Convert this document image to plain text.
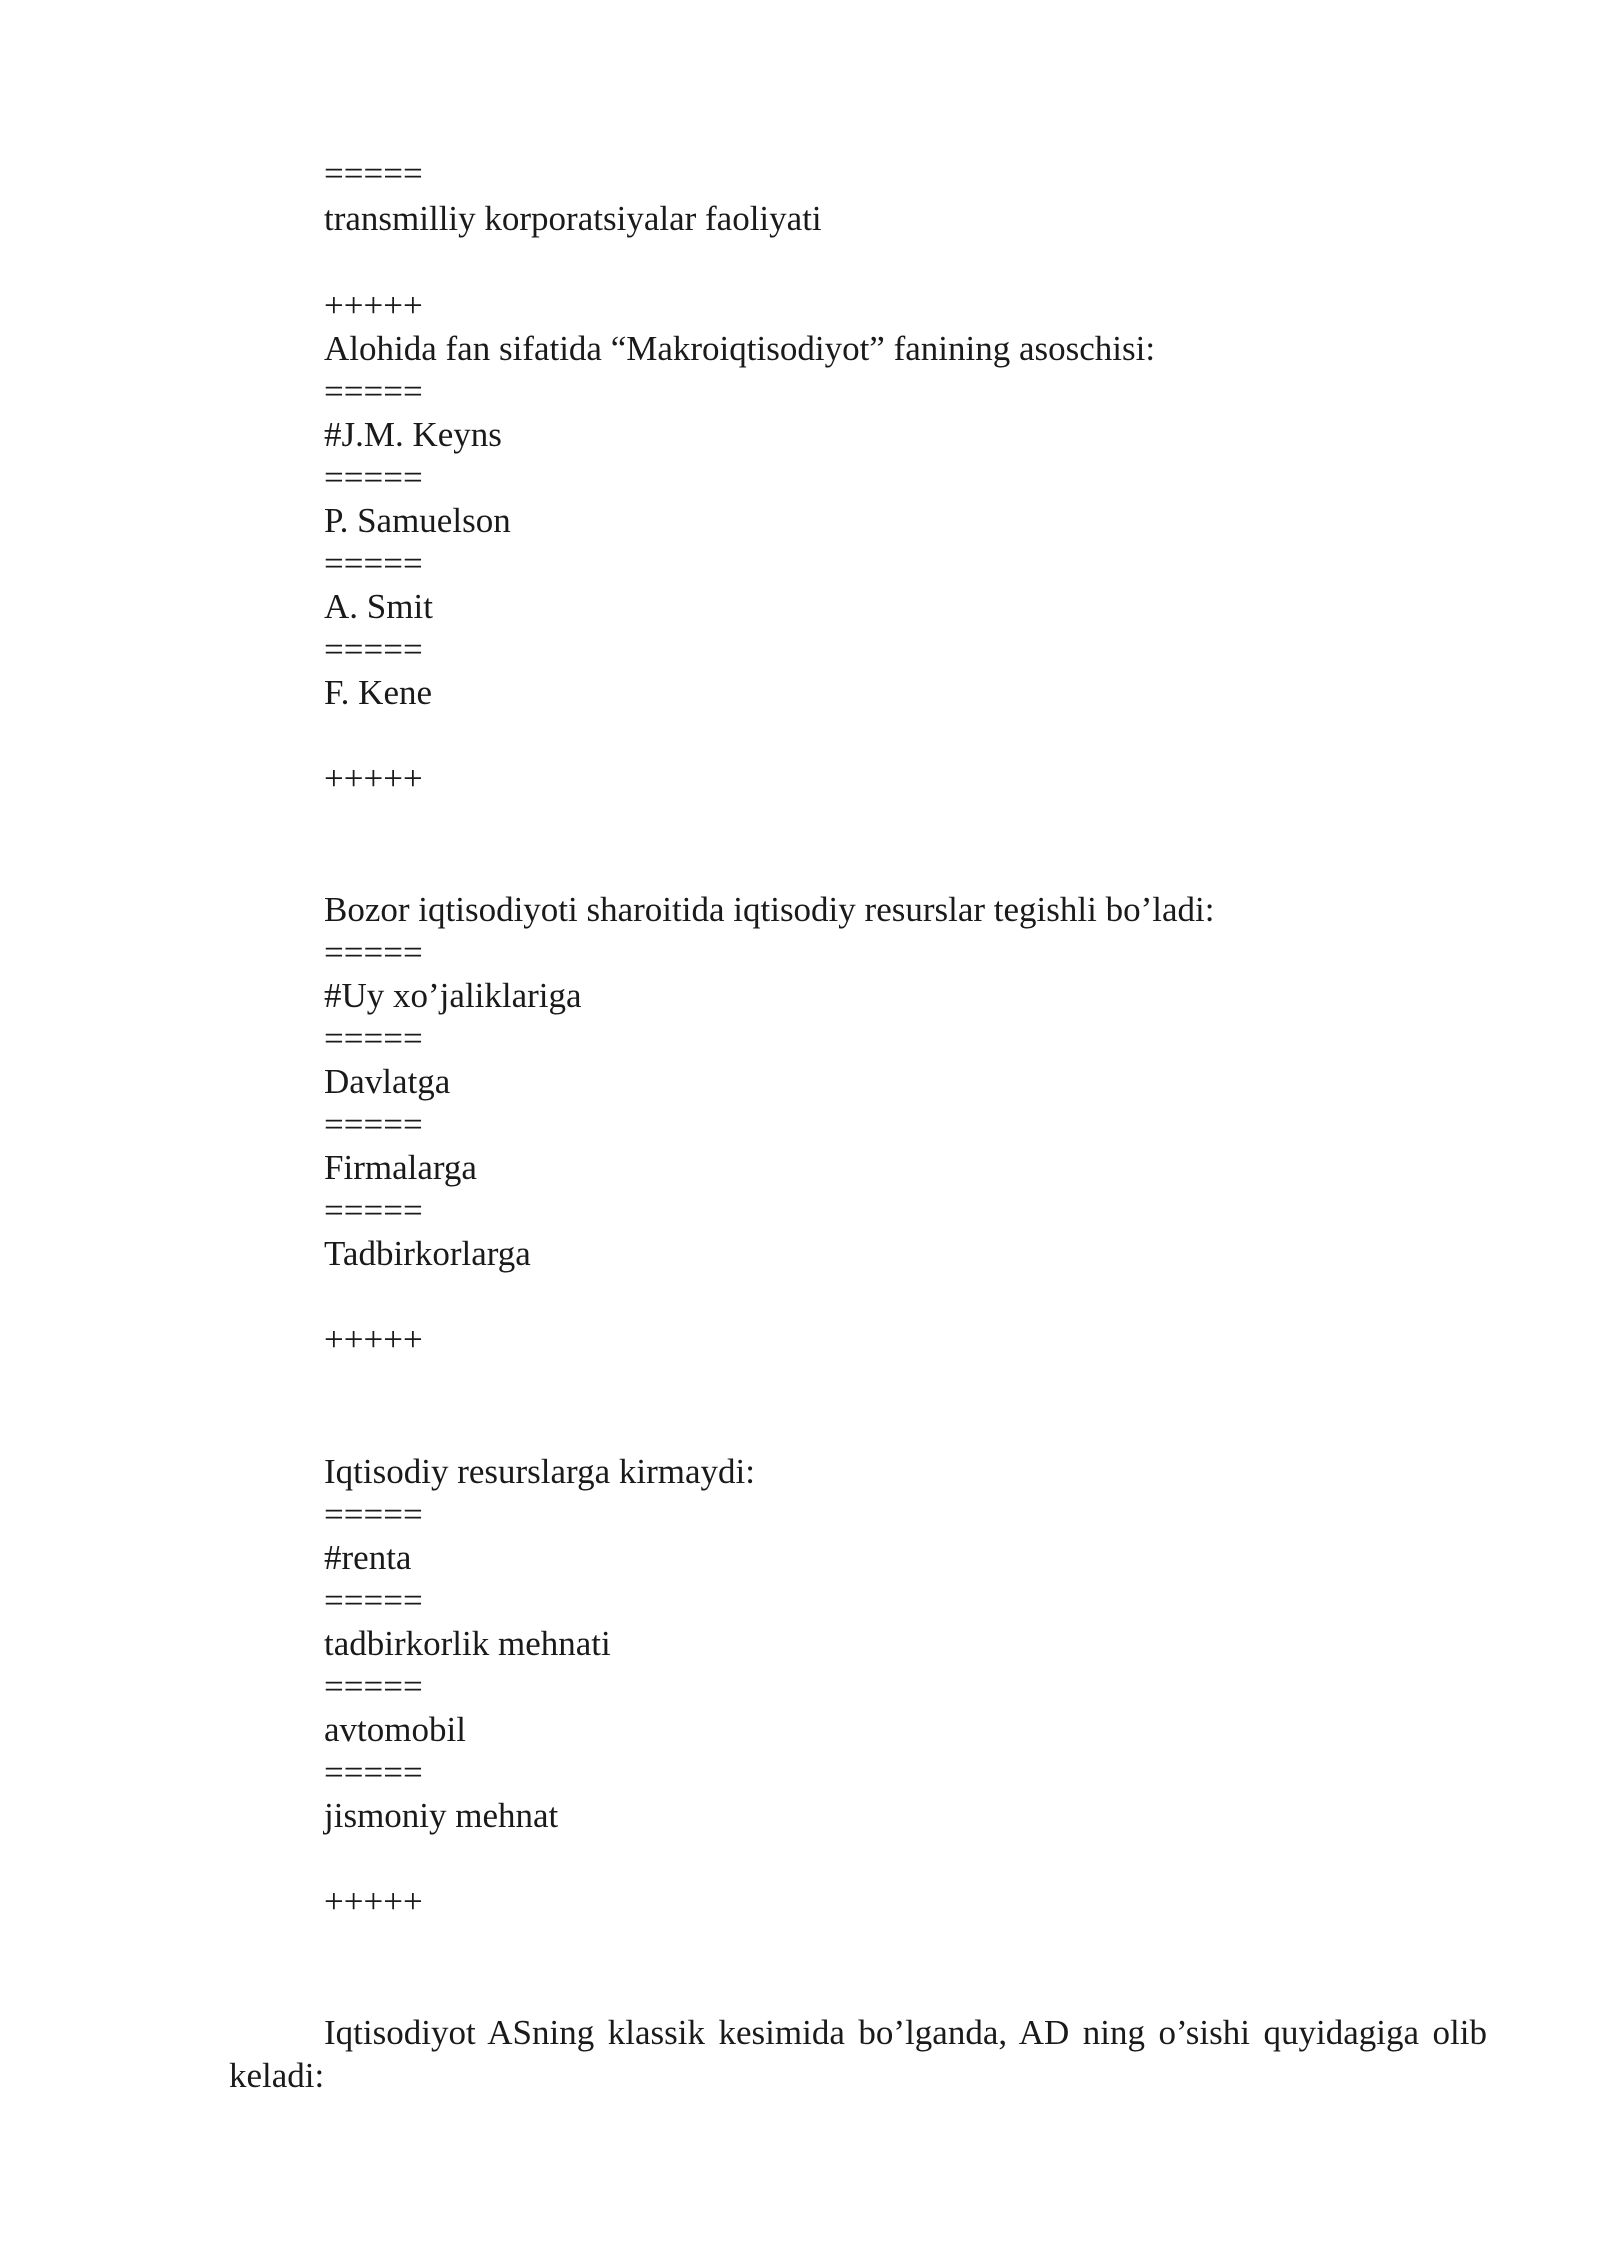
=====
transmilliy korporatsiyalar faoliyati
+++++
Alohida fan sifatida “Makroiqtisodiyot” fanining asoschisi:
=====
#J.M. Keyns
=====
P. Samuelson
=====
A. Smit
=====
F. Kene
+++++
Bozor iqtisodiyoti sharoitida iqtisodiy resurslar tegishli bo’ladi:
=====
#Uy xo’jaliklariga
=====
Davlatga
=====
Firmalarga
=====
Tadbirkorlarga
+++++
Iqtisodiy resurslarga kirmaydi:
=====
#renta
=====
tadbirkorlik mehnati
=====
avtomobil
=====
jismoniy mehnat
+++++
Iqtisodiyot ASning klassik kesimida bo’lganda, AD ning o’sishi quyidagiga olib keladi:
